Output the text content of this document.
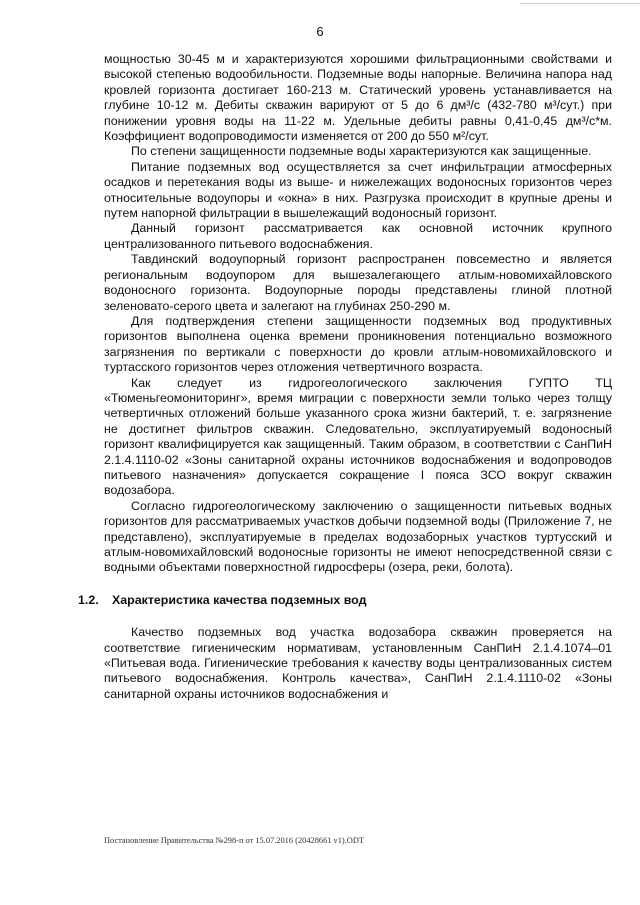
6

мощностью 30-45 м и характеризуются хорошими фильтрационными свойствами и высокой степенью водообильности. Подземные воды напорные. Величина напора над кровлей горизонта достигает 160-213 м. Статический уровень устанавливается на глубине 10-12 м. Дебиты скважин варируют от 5 до 6 дм³/с (432-780 м³/сут.) при понижении уровня воды на 11-22 м. Удельные дебиты равны 0,41-0,45 дм³/с*м. Коэффициент водопроводимости изменяется от 200 до 550 м²/сут.

По степени защищенности подземные воды характеризуются как защищенные.

Питание подземных вод осуществляется за счет инфильтрации атмосферных осадков и перетекания воды из выше- и нижележащих водоносных горизонтов через относительные водоупоры и «окна» в них. Разгрузка происходит в крупные дрены и путем напорной фильтрации в вышележащий водоносный горизонт.

Данный горизонт рассматривается как основной источник крупного централизованного питьевого водоснабжения.

Тавдинский водоупорный горизонт распространен повсеместно и является региональным водоупором для вышезалегающего атлым-новомихайловского водоносного горизонта. Водоупорные породы представлены глиной плотной зеленовато-серого цвета и залегают на глубинах 250-290 м.

Для подтверждения степени защищенности подземных вод продуктивных горизонтов выполнена оценка времени проникновения потенциально возможного загрязнения по вертикали с поверхности до кровли атлым-новомихайловского и туртасского горизонтов через отложения четвертичного возраста.

Как следует из гидрогеологического заключения ГУПТО ТЦ «Тюменьгеомониторинг», время миграции с поверхности земли только через толщу четвертичных отложений больше указанного срока жизни бактерий, т. е. загрязнение не достигнет фильтров скважин. Следовательно, эксплуатируемый водоносный горизонт квалифицируется как защищенный. Таким образом, в соответствии с СанПиН 2.1.4.1110-02 «Зоны санитарной охраны источников водоснабжения и водопроводов питьевого назначения» допускается сокращение I пояса ЗСО вокруг скважин водозабора.

Согласно гидрогеологическому заключению о защищенности питьевых водных горизонтов для рассматриваемых участков добычи подземной воды (Приложение 7, не представлено), эксплуатируемые в пределах водозаборных участков туртусский и атлым-новомихайловский водоносные горизонты не имеют непосредственной связи с водными объектами поверхностной гидросферы (озера, реки, болота).

1.2. Характеристика качества подземных вод

Качество подземных вод участка водозабора скважин проверяется на соответствие гигиеническим нормативам, установленным СанПиН 2.1.4.1074–01 «Питьевая вода. Гигиенические требования к качеству воды централизованных систем питьевого водоснабжения. Контроль качества», СанПиН 2.1.4.1110-02 «Зоны санитарной охраны источников водоснабжения и

Постановление Правительства №298-п от 15.07.2016 (20428661 v1).ODT
